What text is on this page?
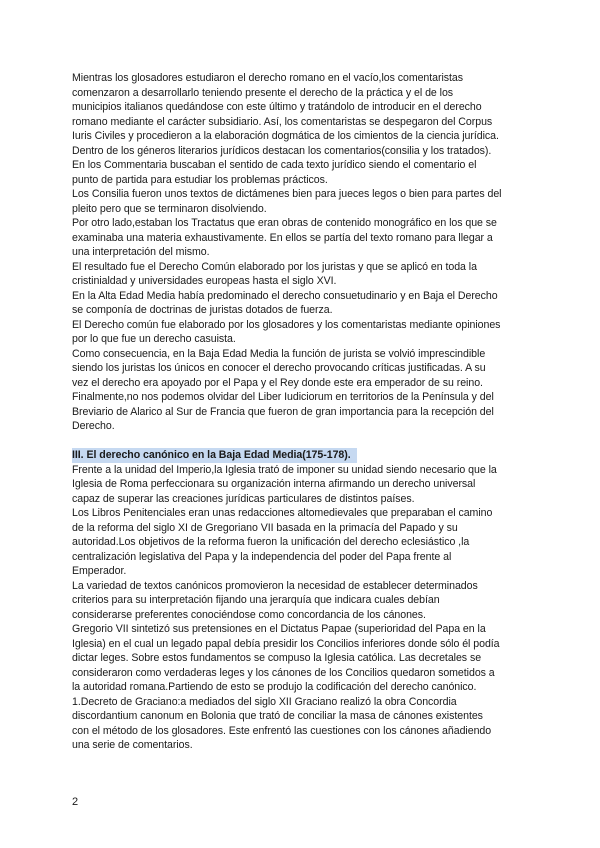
Mientras los glosadores estudiaron el derecho romano en el vacío,los comentaristas
comenzaron a desarrollarlo teniendo presente el derecho de la práctica y el de los
municipios italianos quedándose con este último y tratándolo de introducir en el derecho
romano mediante el carácter subsidiario. Así, los comentaristas se despegaron del Corpus
Iuris Civiles y procedieron a la elaboración dogmática de los cimientos de la ciencia jurídica.
Dentro de los géneros literarios jurídicos destacan los comentarios(consilia y los tratados).
En los Commentaria buscaban el sentido de cada texto jurídico siendo el comentario el
punto de partida para estudiar los problemas prácticos.
Los Consilia fueron unos textos de dictámenes bien para jueces legos o bien para partes del
pleito pero que se terminaron disolviendo.
Por otro lado,estaban los Tractatus que eran obras de contenido monográfico en los que se
examinaba una materia exhaustivamente. En ellos se partía del texto romano para llegar a
una interpretación del mismo.
El resultado fue el Derecho Común elaborado por los juristas y que se aplicó en toda la
cristinialdad y universidades europeas hasta el siglo XVI.
En la Alta Edad Media había predominado el derecho consuetudinario y en Baja el Derecho
se componía de doctrinas de juristas dotados de fuerza.
El Derecho común fue elaborado por los glosadores y los comentaristas mediante opiniones
por lo que fue un derecho casuista.
Como consecuencia, en la Baja Edad Media la función de jurista se volvió imprescindible
siendo los juristas los únicos en conocer el derecho provocando críticas justificadas. A su
vez el derecho era apoyado por el Papa y el Rey donde este era emperador de su reino.
Finalmente,no nos podemos olvidar del Liber Iudiciorum en territorios de la Península y del
Breviario de Alarico al Sur de Francia que fueron de gran importancia para la recepción del
Derecho.
III. El derecho canónico en la Baja Edad Media(175-178).
Frente a la unidad del Imperio,la Iglesia trató de imponer su unidad siendo necesario que la
Iglesia de Roma perfeccionara su organización interna afirmando un derecho universal
capaz de superar las creaciones jurídicas particulares de distintos países.
Los Libros Penitenciales eran unas redacciones altomedievales que preparaban el camino
de la reforma del siglo XI de Gregoriano VII basada en la primacía del Papado y su
autoridad.Los objetivos de la reforma fueron la unificación del derecho eclesiástico ,la
centralización legislativa del Papa y la independencia del poder del Papa frente al
Emperador.
La variedad de textos canónicos promovieron la necesidad de establecer determinados
criterios para su interpretación fijando una jerarquía que indicara cuales debían
considerarse preferentes conociéndose como concordancia de los cánones.
Gregorio VII sintetizó sus pretensiones en el Dictatus Papae (superioridad del Papa en la
Iglesia) en el cual un legado papal debía presidir los Concilios inferiores donde sólo él podía
dictar leges. Sobre estos fundamentos se compuso la Iglesia católica. Las decretales se
consideraron como verdaderas leges y los cánones de los Concilios quedaron sometidos a
la autoridad romana.Partiendo de esto se produjo la codificación del derecho canónico.
1.Decreto de Graciano:a mediados del siglo XII Graciano realizó la obra Concordia
discordantium canonum en Bolonia que trató de conciliar la masa de cánones existentes
con el método de los glosadores. Este enfrentó las cuestiones con los cánones añadiendo
una serie de comentarios.
2
